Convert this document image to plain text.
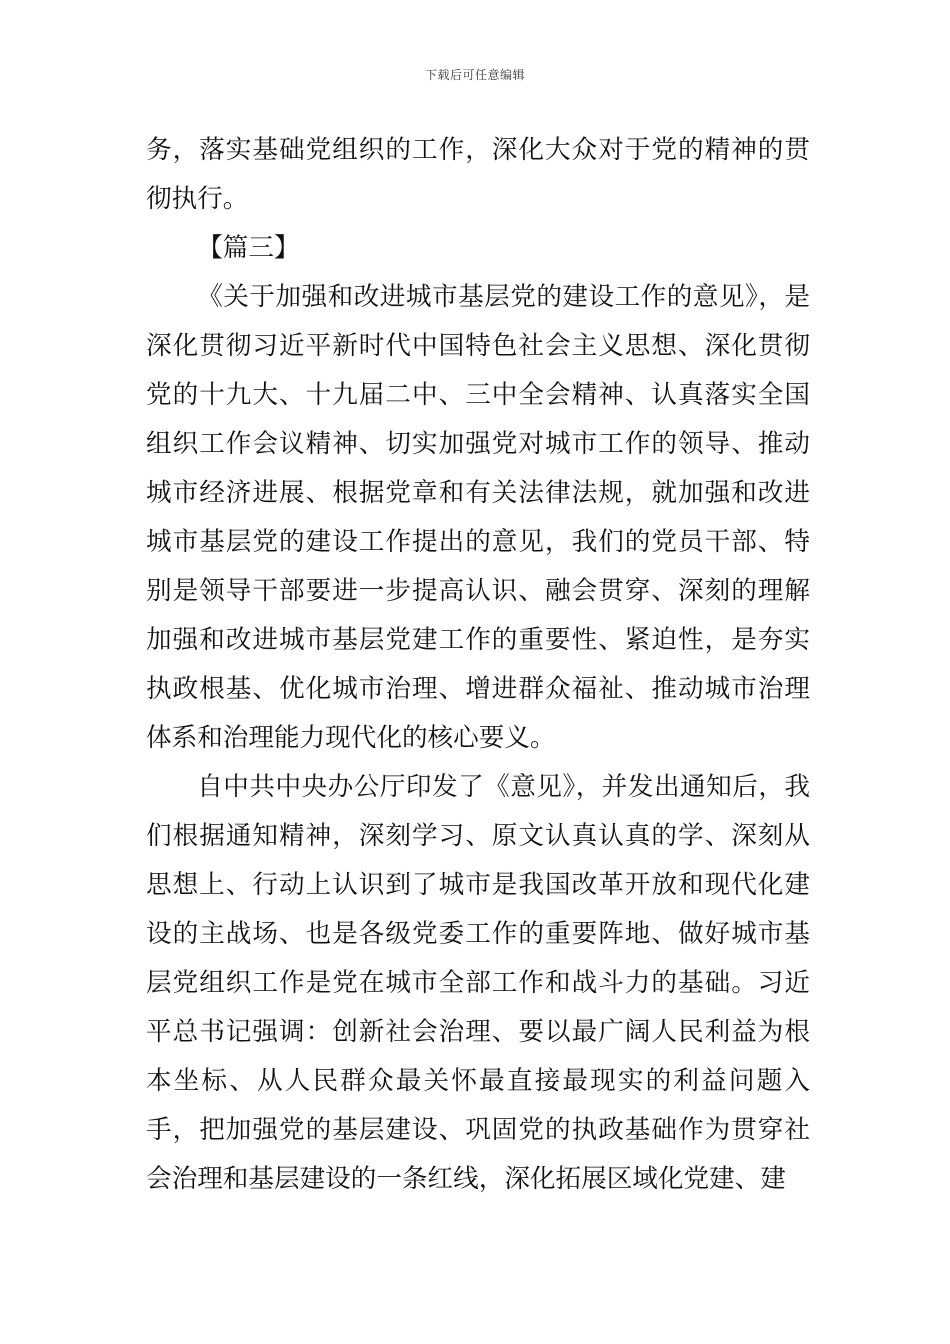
下载后可任意编辑

务，落实基础党组织的工作，深化大众对于党的精神的贯彻执行。

【篇三】

《关于加强和改进城市基层党的建设工作的意见》，是深化贯彻习近平新时代中国特色社会主义思想、深化贯彻党的十九大、十九届二中、三中全会精神、认真落实全国组织工作会议精神、切实加强党对城市工作的领导、推动城市经济进展、根据党章和有关法律法规，就加强和改进城市基层党的建设工作提出的意见，我们的党员干部、特别是领导干部要进一步提高认识、融会贯穿、深刻的理解加强和改进城市基层党建工作的重要性、紧迫性，是夯实执政根基、优化城市治理、增进群众福祉、推动城市治理体系和治理能力现代化的核心要义。

自中共中央办公厅印发了《意见》，并发出通知后，我们根据通知精神，深刻学习、原文认真认真的学、深刻从思想上、行动上认识到了城市是我国改革开放和现代化建设的主战场、也是各级党委工作的重要阵地、做好城市基层党组织工作是党在城市全部工作和战斗力的基础。习近平总书记强调：创新社会治理、要以最广阔人民利益为根本坐标、从人民群众最关怀最直接最现实的利益问题入手，把加强党的基层建设、巩固党的执政基础作为贯穿社会治理和基层建设的一条红线，深化拓展区域化党建、建
